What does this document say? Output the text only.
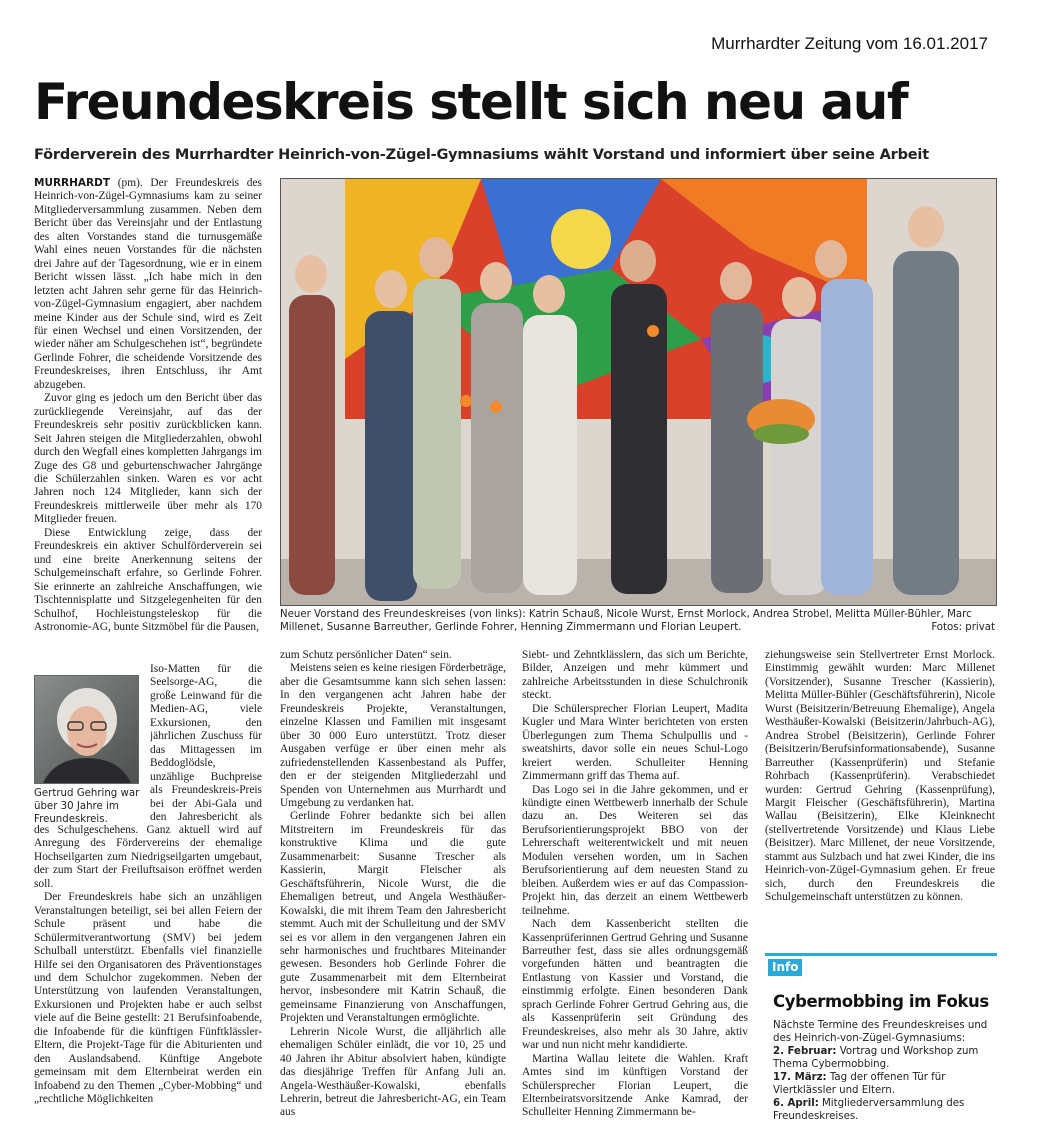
Murrhardter Zeitung vom 16.01.2017
Freundeskreis stellt sich neu auf
Förderverein des Murrhardter Heinrich-von-Zügel-Gymnasiums wählt Vorstand und informiert über seine Arbeit

MURRHARDT (pm). Der Freundeskreis des Heinrich-von-Zügel-Gymnasiums kam zu seiner Mitgliederversammlung zusammen. Neben dem Bericht über das Vereinsjahr und der Entlastung des alten Vorstandes stand die turnusgemäße Wahl eines neuen Vorstandes für die nächsten drei Jahre auf der Tagesordnung, wie er in einem Bericht wissen lässt. „Ich habe mich in den letzten acht Jahren sehr gerne für das Heinrich-von-Zügel-Gymnasium engagiert, aber nachdem meine Kinder aus der Schule sind, wird es Zeit für einen Wechsel und einen Vorsitzenden, der wieder näher am Schulgeschehen ist“, begründete Gerlinde Fohrer, die scheidende Vorsitzende des Freundeskreises, ihren Entschluss, ihr Amt abzugeben.

Zuvor ging es jedoch um den Bericht über das zurückliegende Vereinsjahr, auf das der Freundeskreis sehr positiv zurückblicken kann. Seit Jahren steigen die Mitgliederzahlen, obwohl durch den Wegfall eines kompletten Jahrgangs im Zuge des G8 und geburtenschwacher Jahrgänge die Schülerzahlen sinken. Waren es vor acht Jahren noch 124 Mitglieder, kann sich der Freundeskreis mittlerweile über mehr als 170 Mitglieder freuen.

Diese Entwicklung zeige, dass der Freundeskreis ein aktiver Schulförderverein sei und eine breite Anerkennung seitens der Schulgemeinschaft erfahre, so Gerlinde Fohrer. Sie erinnerte an zahlreiche Anschaffungen, wie Tischtennisplatte und Sitzgelegenheiten für den Schulhof, Hochleistungsteleskop für die Astronomie-AG, bunte Sitzmöbel für die Pausen,

Gertrud Gehring war über 30 Jahre im Freundeskreis.

Iso-Matten für die Seelsorge-AG, die große Leinwand für die Medien-AG, viele Exkursionen, den jährlichen Zuschuss für das Mittagessen im Beddoglödsle, unzählige Buchpreise als Freundeskreis-Preis bei der Abi-Gala und den Jahresbericht als

des Schulgeschehens. Ganz aktuell wird auf Anregung des Fördervereins der ehemalige Hochseilgarten zum Niedrigseilgarten umgebaut, der zum Start der Freiluftsaison eröffnet werden soll.

Der Freundeskreis habe sich an unzähligen Veranstaltungen beteiligt, sei bei allen Feiern der Schule präsent und habe die Schülermitverantwortung (SMV) bei jedem Schulball unterstützt. Ebenfalls viel finanzielle Hilfe sei den Organisatoren des Präventionstages und dem Schulchor zugekommen. Neben der Unterstützung von laufenden Veranstaltungen, Exkursionen und Projekten habe er auch selbst viele auf die Beine gestellt: 21 Berufsinfoabende, die Infoabende für die künftigen Fünftklässler-Eltern, die Projekt-Tage für die Abiturienten und den Auslandsabend. Künftige Angebote gemeinsam mit dem Elternbeirat werden ein Infoabend zu den Themen „Cyber-Mobbing“ und „rechtliche Möglichkeiten

Neuer Vorstand des Freundeskreises (von links): Katrin Schauß, Nicole Wurst, Ernst Morlock, Andrea Strobel, Melitta Müller-Bühler, Marc Millenet, Susanne Barreuther, Gerlinde Fohrer, Henning Zimmermann und Florian Leupert.	Fotos: privat

zum Schutz persönlicher Daten“ sein.

Meistens seien es keine riesigen Förderbeträge, aber die Gesamtsumme kann sich sehen lassen: In den vergangenen acht Jahren habe der Freundeskreis Projekte, Veranstaltungen, einzelne Klassen und Familien mit insgesamt über 30 000 Euro unterstützt. Trotz dieser Ausgaben verfüge er über einen mehr als zufriedenstellenden Kassenbestand als Puffer, den er der steigenden Mitgliederzahl und Spenden von Unternehmen aus Murrhardt und Umgebung zu verdanken hat.

Gerlinde Fohrer bedankte sich bei allen Mitstreitern im Freundeskreis für das konstruktive Klima und die gute Zusammenarbeit: Susanne Trescher als Kassierin, Margit Fleischer als Geschäftsführerin, Nicole Wurst, die die Ehemaligen betreut, und Angela Westhäußer-Kowalski, die mit ihrem Team den Jahresbericht stemmt. Auch mit der Schulleitung und der SMV sei es vor allem in den vergangenen Jahren ein sehr harmonisches und fruchtbares Miteinander gewesen. Besonders hob Gerlinde Fohrer die gute Zusammenarbeit mit dem Elternbeirat hervor, insbesondere mit Katrin Schauß, die gemeinsame Finanzierung von Anschaffungen, Projekten und Veranstaltungen ermöglichte.

Lehrerin Nicole Wurst, die alljährlich alle ehemaligen Schüler einlädt, die vor 10, 25 und 40 Jahren ihr Abitur absolviert haben, kündigte das diesjährige Treffen für Anfang Juli an. Angela-Westhäußer-Kowalski, ebenfalls Lehrerin, betreut die Jahresbericht-AG, ein Team aus

Siebt- und Zehntklässlern, das sich um Berichte, Bilder, Anzeigen und mehr kümmert und zahlreiche Arbeitsstunden in diese Schulchronik steckt.

Die Schülersprecher Florian Leupert, Madita Kugler und Mara Winter berichteten von ersten Überlegungen zum Thema Schulpullis und -sweatshirts, davor solle ein neues Schul-Logo kreiert werden. Schulleiter Henning Zimmermann griff das Thema auf.

Das Logo sei in die Jahre gekommen, und er kündigte einen Wettbewerb innerhalb der Schule dazu an. Des Weiteren sei das Berufsorientierungsprojekt BBO von der Lehrerschaft weiterentwickelt und mit neuen Modulen versehen worden, um in Sachen Berufsorientierung auf dem neuesten Stand zu bleiben. Außerdem wies er auf das Compassion-Projekt hin, das derzeit an einem Wettbewerb teilnehme.

Nach dem Kassenbericht stellten die Kassenprüferinnen Gertrud Gehring und Susanne Barreuther fest, dass sie alles ordnungsgemäß vorgefunden hätten und beantragten die Entlastung von Kassier und Vorstand, die einstimmig erfolgte. Einen besonderen Dank sprach Gerlinde Fohrer Gertrud Gehring aus, die als Kassenprüferin seit Gründung des Freundeskreises, also mehr als 30 Jahre, aktiv war und nun nicht mehr kandidierte.

Martina Wallau leitete die Wahlen. Kraft Amtes sind im künftigen Vorstand der Schülersprecher Florian Leupert, die Elternbeiratsvorsitzende Anke Kamrad, der Schulleiter Henning Zimmermann be-

ziehungsweise sein Stellvertreter Ernst Morlock. Einstimmig gewählt wurden: Marc Millenet (Vorsitzender), Susanne Trescher (Kassierin), Melitta Müller-Bühler (Geschäftsführerin), Nicole Wurst (Beisitzerin/Betreuung Ehemalige), Angela Westhäußer-Kowalski (Beisitzerin/Jahrbuch-AG), Andrea Strobel (Beisitzerin), Gerlinde Fohrer (Beisitzerin/Berufsinformationsabende), Susanne Barreuther (Kassenprüferin) und Stefanie Rohrbach (Kassenprüferin). Verabschiedet wurden: Gertrud Gehring (Kassenprüfung), Margit Fleischer (Geschäftsführerin), Martina Wallau (Beisitzerin), Elke Kleinknecht (stellvertretende Vorsitzende) und Klaus Liebe (Beisitzer). Marc Millenet, der neue Vorsitzende, stammt aus Sulzbach und hat zwei Kinder, die ins Heinrich-von-Zügel-Gymnasium gehen. Er freue sich, durch den Freundeskreis die Schulgemeinschaft unterstützen zu können.

Info
Cybermobbing im Fokus
Nächste Termine des Freundeskreises und des Heinrich-von-Zügel-Gymnasiums:
2. Februar: Vortrag und Workshop zum Thema Cybermobbing.
17. März: Tag der offenen Tür für Viertklässler und Eltern.
6. April: Mitgliederversammlung des Freundeskreises.
